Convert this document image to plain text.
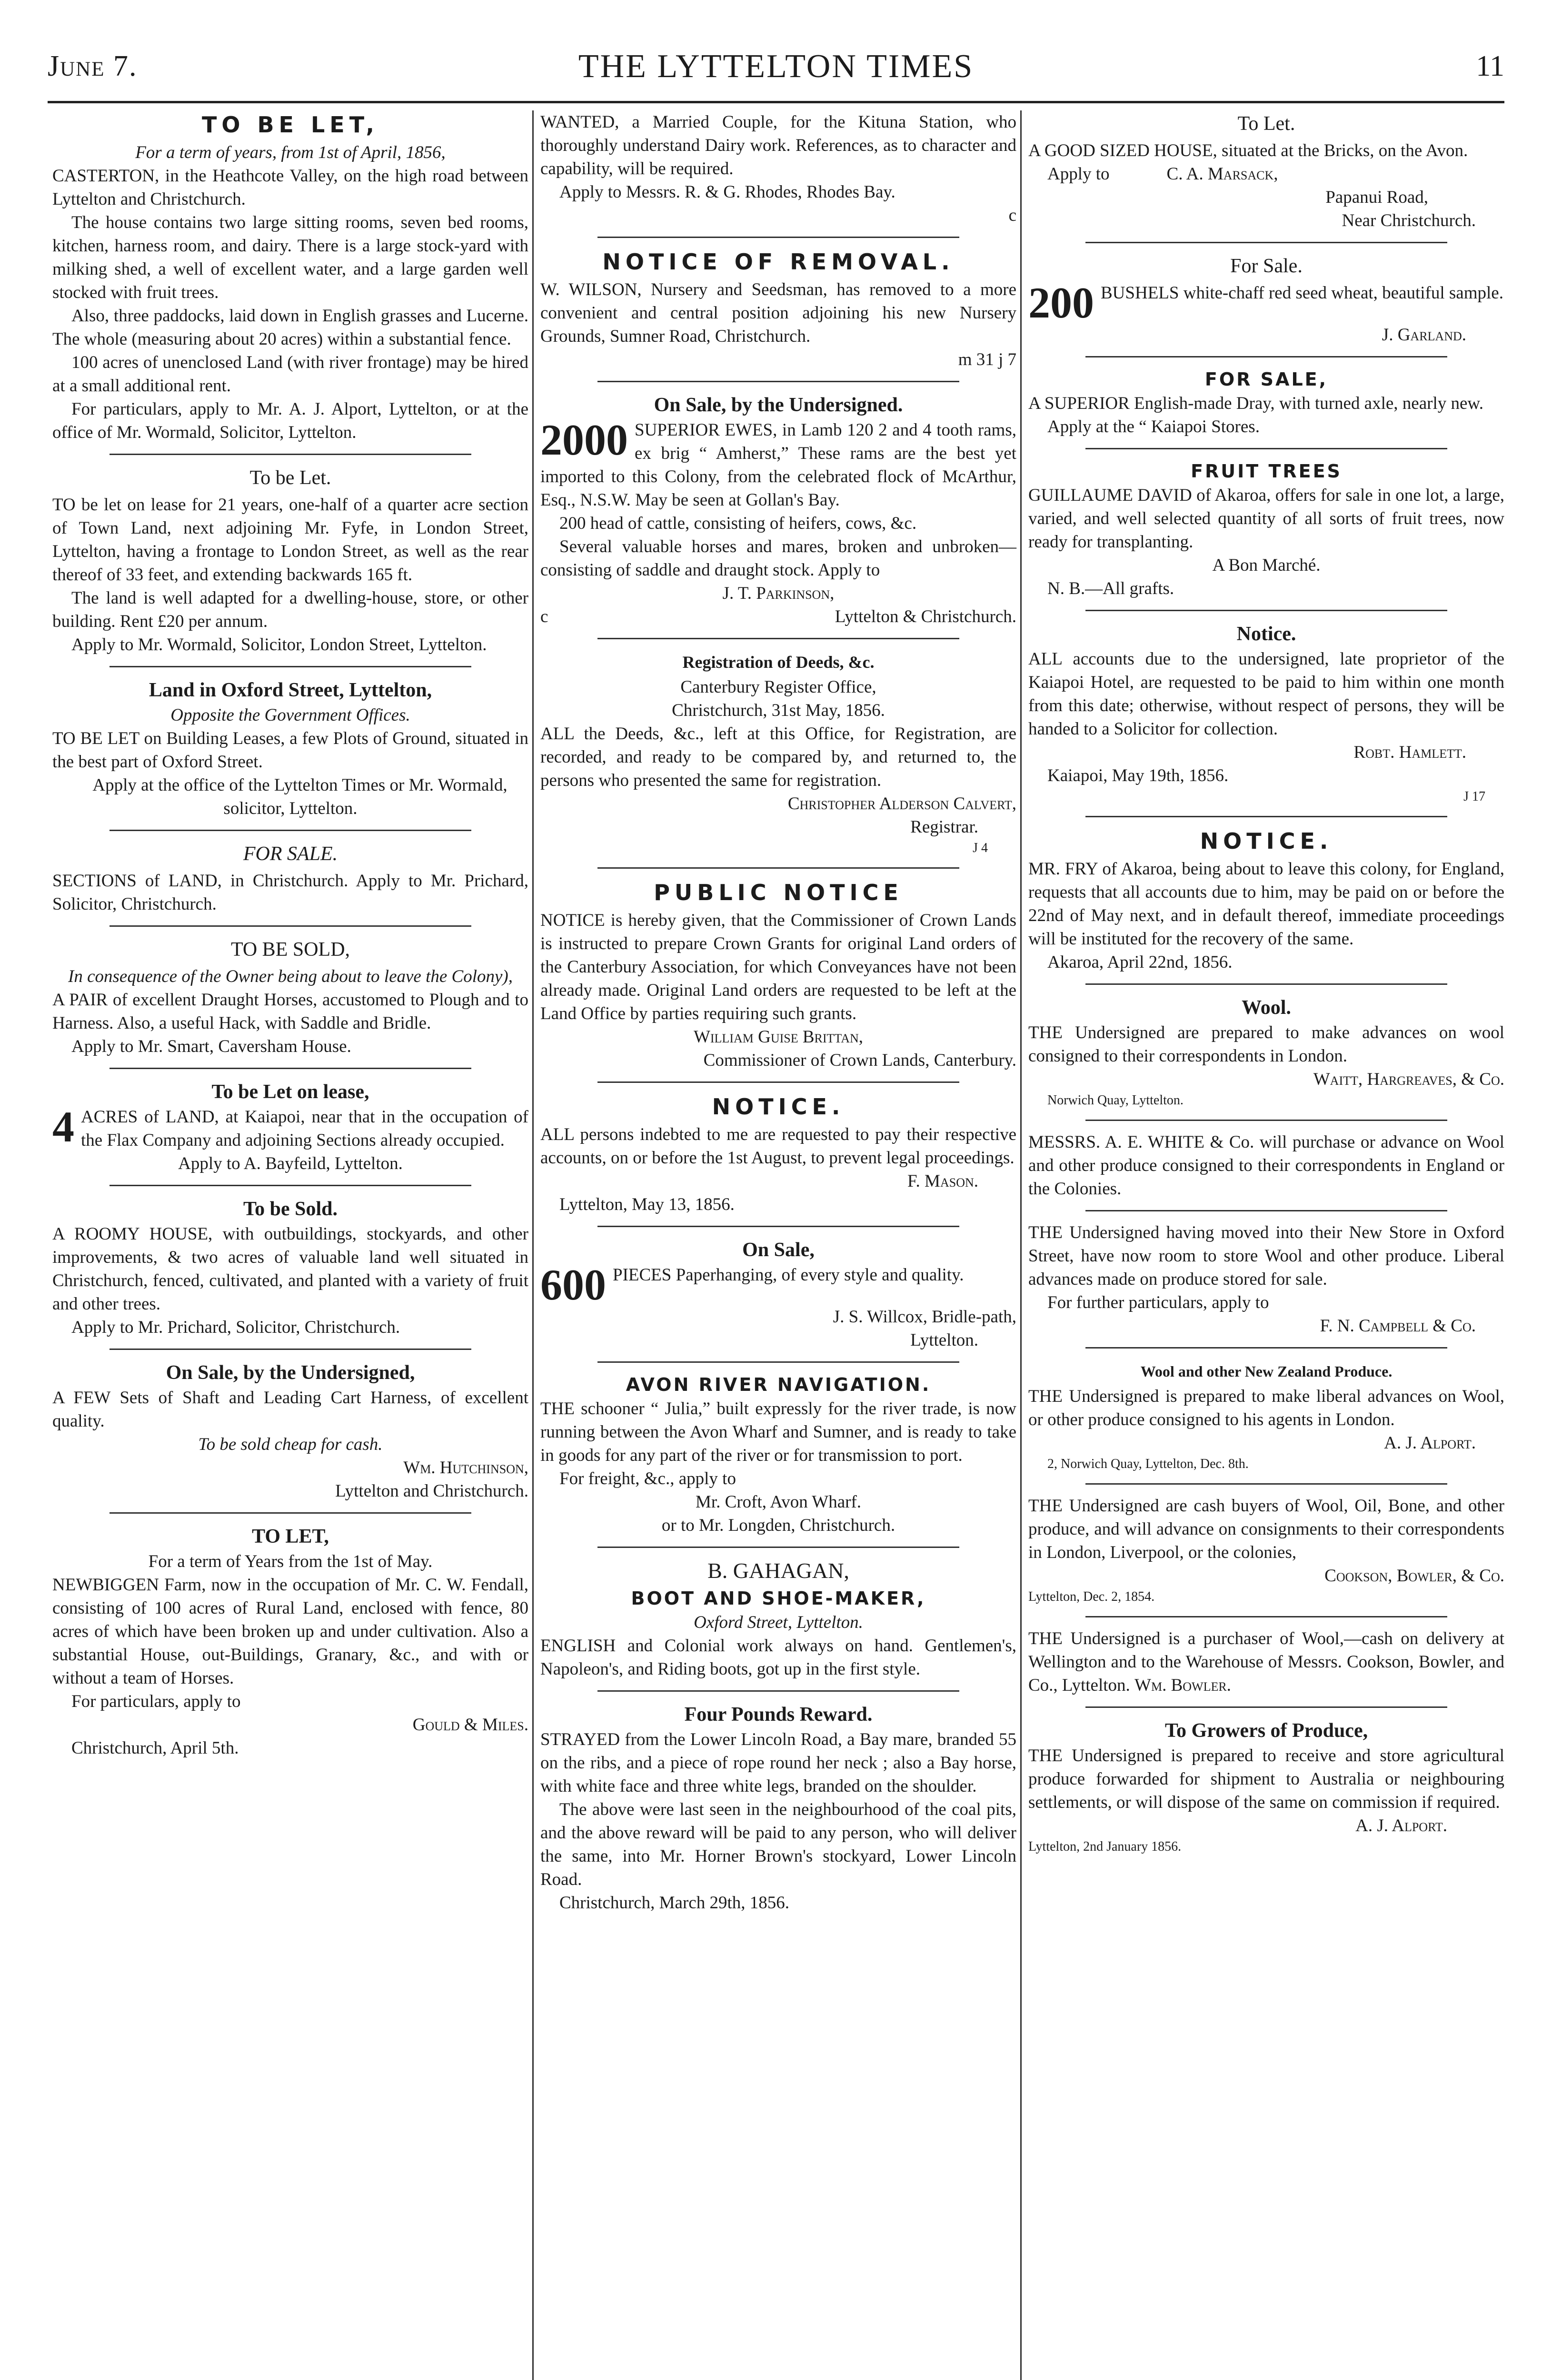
June 7.	THE LYTTELTON TIMES	11
TO BE LET,

For a term of years, from 1st of April, 1856,

CASTERTON, in the Heathcote Valley, on the high road between Lyttelton and Christchurch.

The house contains two large sitting rooms, seven bed rooms, kitchen, harness room, and dairy. There is a large stock-yard with milking shed, a well of excellent water, and a large garden well stocked with fruit trees.

Also, three paddocks, laid down in English grasses and Lucerne. The whole (measuring about 20 acres) within a substantial fence.

100 acres of unenclosed Land (with river frontage) may be hired at a small additional rent.

For particulars, apply to Mr. A. J. Alport, Lyttelton, or at the office of Mr. Wormald, Solicitor, Lyttelton.

To be Let.

TO be let on lease for 21 years, one-half of a quarter acre section of Town Land, next adjoining Mr. Fyfe, in London Street, Lyttelton, having a frontage to London Street, as well as the rear thereof of 33 feet, and extending backwards 165 ft.

The land is well adapted for a dwelling-house, store, or other building. Rent £20 per annum.

Apply to Mr. Wormald, Solicitor, London Street, Lyttelton.

Land in Oxford Street, Lyttelton,

Opposite the Government Offices.

TO BE LET on Building Leases, a few Plots of Ground, situated in the best part of Oxford Street.

Apply at the office of the Lyttelton Times or Mr. Wormald, solicitor, Lyttelton.

FOR SALE.

SECTIONS of LAND, in Christchurch. Apply to Mr. Prichard, Solicitor, Christchurch.

TO BE SOLD,

In consequence of the Owner being about to leave the Colony),

A PAIR of excellent Draught Horses, accustomed to Plough and to Harness. Also, a useful Hack, with Saddle and Bridle.

Apply to Mr. Smart, Caversham House.

To be Let on lease,
4 ACRES of LAND, at Kaiapoi, near that in the occupation of the Flax Company and adjoining Sections already occupied.

Apply to A. Bayfeild, Lyttelton.

To be Sold.

A ROOMY HOUSE, with outbuildings, stockyards, and other improvements, & two acres of valuable land well situated in Christchurch, fenced, cultivated, and planted with a variety of fruit and other trees.

Apply to Mr. Prichard, Solicitor, Christchurch.

On Sale, by the Undersigned,

A FEW Sets of Shaft and Leading Cart Harness, of excellent quality.

To be sold cheap for cash.

Wm. Hutchinson,

Lyttelton and Christchurch.

TO LET,

For a term of Years from the 1st of May.

NEWBIGGEN Farm, now in the occupation of Mr. C. W. Fendall, consisting of 100 acres of Rural Land, enclosed with fence, 80 acres of which have been broken up and under cultivation. Also a substantial House, out-Buildings, Granary, &c., and with or without a team of Horses.

For particulars, apply to

Gould & Miles.

Christchurch, April 5th.

WANTED, a Married Couple, for the Kituna Station, who thoroughly understand Dairy work. References, as to character and capability, will be required.

Apply to Messrs. R. & G. Rhodes, Rhodes Bay.

c

NOTICE OF REMOVAL.

W. WILSON, Nursery and Seedsman, has removed to a more convenient and central position adjoining his new Nursery Grounds, Sumner Road, Christchurch.

m 31 j 7

On Sale, by the Undersigned.
2000 SUPERIOR EWES, in Lamb 120 2 and 4 tooth rams, ex brig “ Amherst,” These rams are the best yet imported to this Colony, from the celebrated flock of McArthur, Esq., N.S.W. May be seen at Gollan's Bay.

200 head of cattle, consisting of heifers, cows, &c.

Several valuable horses and mares, broken and unbroken—consisting of saddle and draught stock. Apply to

J. T. Parkinson,

c	Lyttelton & Christchurch.

Registration of Deeds, &c.

Canterbury Register Office,

Christchurch, 31st May, 1856.

ALL the Deeds, &c., left at this Office, for Registration, are recorded, and ready to be compared by, and returned to, the persons who presented the same for registration.

Christopher Alderson Calvert,

Registrar.

J 4

PUBLIC NOTICE

NOTICE is hereby given, that the Commissioner of Crown Lands is instructed to prepare Crown Grants for original Land orders of the Canterbury Association, for which Conveyances have not been already made. Original Land orders are requested to be left at the Land Office by parties requiring such grants.

William Guise Brittan,

Commissioner of Crown Lands, Canterbury.

NOTICE.

ALL persons indebted to me are requested to pay their respective accounts, on or before the 1st August, to prevent legal proceedings.

F. Mason.

Lyttelton, May 13, 1856.

On Sale,
600 PIECES Paperhanging, of every style and quality.

J. S. Willcox, Bridle-path,

Lyttelton.

AVON RIVER NAVIGATION.

THE schooner “ Julia,” built expressly for the river trade, is now running between the Avon Wharf and Sumner, and is ready to take in goods for any part of the river or for transmission to port.

For freight, &c., apply to

Mr. Croft, Avon Wharf.

or to Mr. Longden, Christchurch.

B. GAHAGAN,
BOOT AND SHOE-MAKER,

Oxford Street, Lyttelton.

ENGLISH and Colonial work always on hand. Gentlemen's, Napoleon's, and Riding boots, got up in the first style.

Four Pounds Reward.

STRAYED from the Lower Lincoln Road, a Bay mare, branded 55 on the ribs, and a piece of rope round her neck ; also a Bay horse, with white face and three white legs, branded on the shoulder.

The above were last seen in the neighbourhood of the coal pits, and the above reward will be paid to any person, who will deliver the same, into Mr. Horner Brown's stockyard, Lower Lincoln Road.

Christchurch, March 29th, 1856.

To Let.

A GOOD SIZED HOUSE, situated at the Bricks, on the Avon.

Apply to	C. A. Marsack,

Papanui Road,

Near Christchurch.

For Sale.
200 BUSHELS white-chaff red seed wheat, beautiful sample.

J. Garland.

FOR SALE,

A SUPERIOR English-made Dray, with turned axle, nearly new.

Apply at the “ Kaiapoi Stores.

FRUIT TREES

GUILLAUME DAVID of Akaroa, offers for sale in one lot, a large, varied, and well selected quantity of all sorts of fruit trees, now ready for transplanting.

A Bon Marché.

N. B.—All grafts.

Notice.

ALL accounts due to the undersigned, late proprietor of the Kaiapoi Hotel, are requested to be paid to him within one month from this date; otherwise, without respect of persons, they will be handed to a Solicitor for collection.

Robt. Hamlett.

Kaiapoi, May 19th, 1856.

J 17

NOTICE.

MR. FRY of Akaroa, being about to leave this colony, for England, requests that all accounts due to him, may be paid on or before the 22nd of May next, and in default thereof, immediate proceedings will be instituted for the recovery of the same.

Akaroa, April 22nd, 1856.

Wool.

THE Undersigned are prepared to make advances on wool consigned to their correspondents in London.

Waitt, Hargreaves, & Co.

Norwich Quay, Lyttelton.

MESSRS. A. E. WHITE & Co. will purchase or advance on Wool and other produce consigned to their correspondents in England or the Colonies.

THE Undersigned having moved into their New Store in Oxford Street, have now room to store Wool and other produce. Liberal advances made on produce stored for sale.

For further particulars, apply to

F. N. Campbell & Co.

Wool and other New Zealand Produce.

THE Undersigned is prepared to make liberal advances on Wool, or other produce consigned to his agents in London.

A. J. Alport.

2, Norwich Quay, Lyttelton, Dec. 8th.

THE Undersigned are cash buyers of Wool, Oil, Bone, and other produce, and will advance on consignments to their correspondents in London, Liverpool, or the colonies,

Cookson, Bowler, & Co.

Lyttelton, Dec. 2, 1854.

THE Undersigned is a purchaser of Wool,—cash on delivery at Wellington and to the Warehouse of Messrs. Cookson, Bowler, and Co., Lyttelton. Wm. Bowler.

To Growers of Produce,

THE Undersigned is prepared to receive and store agricultural produce forwarded for shipment to Australia or neighbouring settlements, or will dispose of the same on commission if required.

A. J. Alport.

Lyttelton, 2nd January 1856.
